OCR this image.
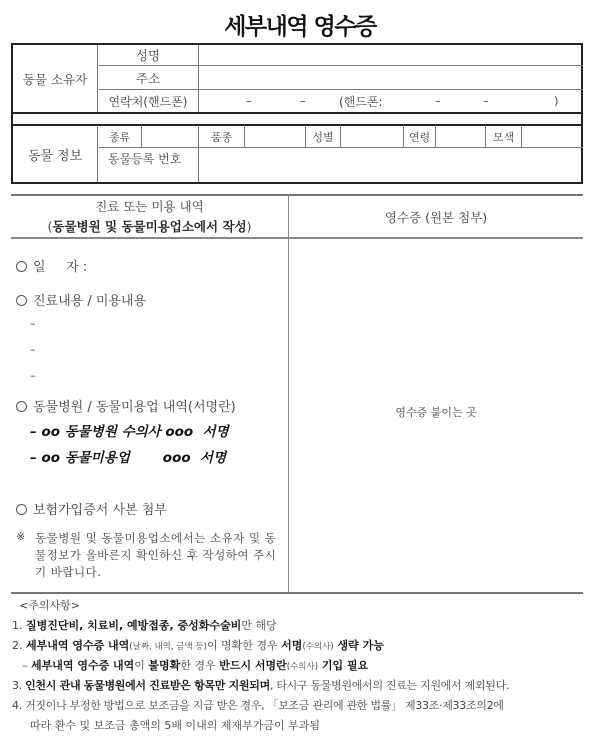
세부내역 영수증
동물 소유자
성명
주소
연락처(핸드폰)	–	–	(핸드폰:	–	–	)
동물 정보
종류	품종	성별	연령	모색
동물등록 번호
진료 또는 미용 내역
(동물병원 및 동물미용업소에서 작성)
영수증 (원본 첨부)
일     자 :
진료내용 / 미용내용
–
–
–
동물병원 / 동물미용업 내역(서명란)
– oo 동물병원 수의사 ooo  서명
– oo 동물미용업       ooo  서명
보험가입증서 사본 첨부
※ 동물병원 및 동물미용업소에서는 소유자 및 동물정보가 올바른지 확인하신 후 작성하여 주시기 바랍니다.
영수증 붙이는 곳
<주의사항>
1. 질병진단비, 치료비, 예방접종, 중성화수술비만 해당
2. 세부내역 영수증 내역(날짜, 내역, 금액 등)이 명확한 경우 서명(수의사) 생략 가능
– 세부내역 영수증 내역이 불명확한 경우 반드시 서명란(수의사) 기입 필요
3. 인천시 관내 동물병원에서 진료받은 항목만 지원되며, 타시구 동물병원에서의 진료는 지원에서 제외된다.
4. 거짓이나 부정한 방법으로 보조금을 지급 받은 경우, 「보조금 관리에 관한 법률」 제33조·제33조의2에
따라 환수 및 보조금 총액의 5배 이내의 제재부가금이 부과됨
